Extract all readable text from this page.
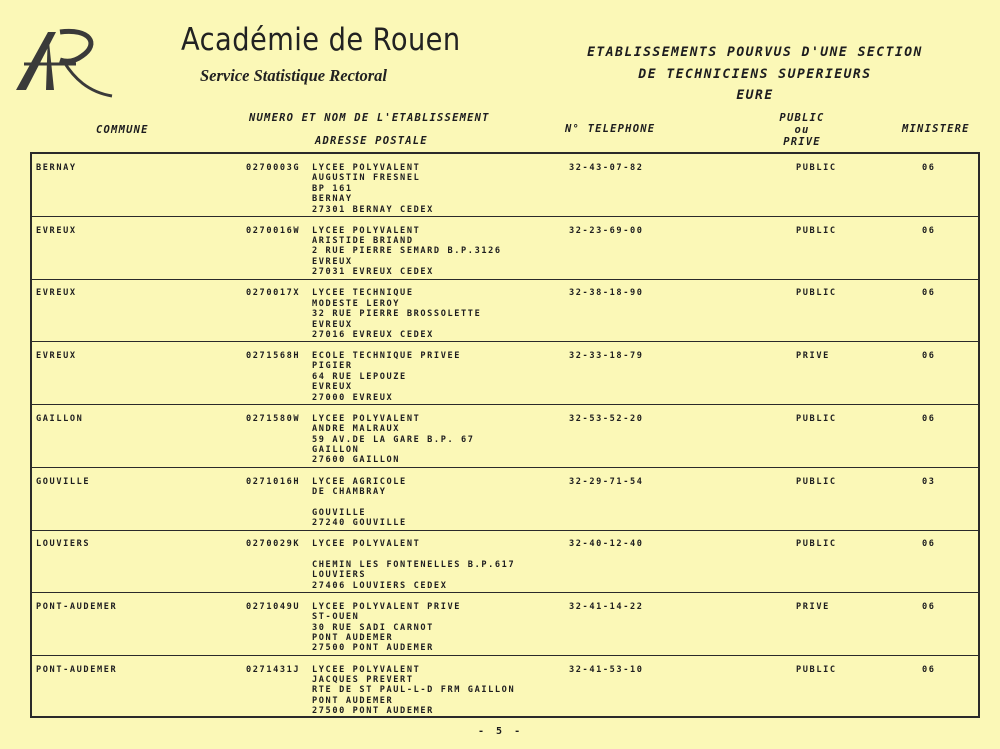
Académie de Rouen
Service Statistique Rectoral
ETABLISSEMENTS POURVUS D'UNE SECTION
DE TECHNICIENS SUPERIEURS
EURE
COMMUNE
NUMERO ET NOM DE L'ETABLISSEMENT
ADRESSE POSTALE
N° TELEPHONE
PUBLIC
ou
PRIVE
MINISTERE
BERNAY	0270003G LYCEE POLYVALENT
AUGUSTIN FRESNEL
BP 161
BERNAY
27301 BERNAY CEDEX
32-43-07-82	PUBLIC	06
EVREUX	0270016W LYCEE POLYVALENT
ARISTIDE BRIAND
2 RUE PIERRE SEMARD B.P.3126
EVREUX
27031 EVREUX CEDEX
32-23-69-00	PUBLIC	06
EVREUX	0270017X LYCEE TECHNIQUE
MODESTE LEROY
32 RUE PIERRE BROSSOLETTE
EVREUX
27016 EVREUX CEDEX
32-38-18-90	PUBLIC	06
EVREUX	0271568H ECOLE TECHNIQUE PRIVEE
PIGIER
64 RUE LEPOUZE
EVREUX
27000 EVREUX
32-33-18-79	PRIVE	06
GAILLON	0271580W LYCEE POLYVALENT
ANDRE MALRAUX
59 AV.DE LA GARE B.P. 67
GAILLON
27600 GAILLON
32-53-52-20	PUBLIC	06
GOUVILLE	0271016H LYCEE AGRICOLE
DE CHAMBRAY
GOUVILLE
27240 GOUVILLE
32-29-71-54	PUBLIC	03
LOUVIERS	0270029K LYCEE POLYVALENT
CHEMIN LES FONTENELLES B.P.617
LOUVIERS
27406 LOUVIERS CEDEX
32-40-12-40	PUBLIC	06
PONT-AUDEMER	0271049U LYCEE POLYVALENT PRIVE
ST-OUEN
30 RUE SADI CARNOT
PONT AUDEMER
27500 PONT AUDEMER
32-41-14-22	PRIVE	06
PONT-AUDEMER	0271431J LYCEE POLYVALENT
JACQUES PREVERT
RTE DE ST PAUL-L-D FRM GAILLON
PONT AUDEMER
27500 PONT AUDEMER
32-41-53-10	PUBLIC	06
- 5 -
